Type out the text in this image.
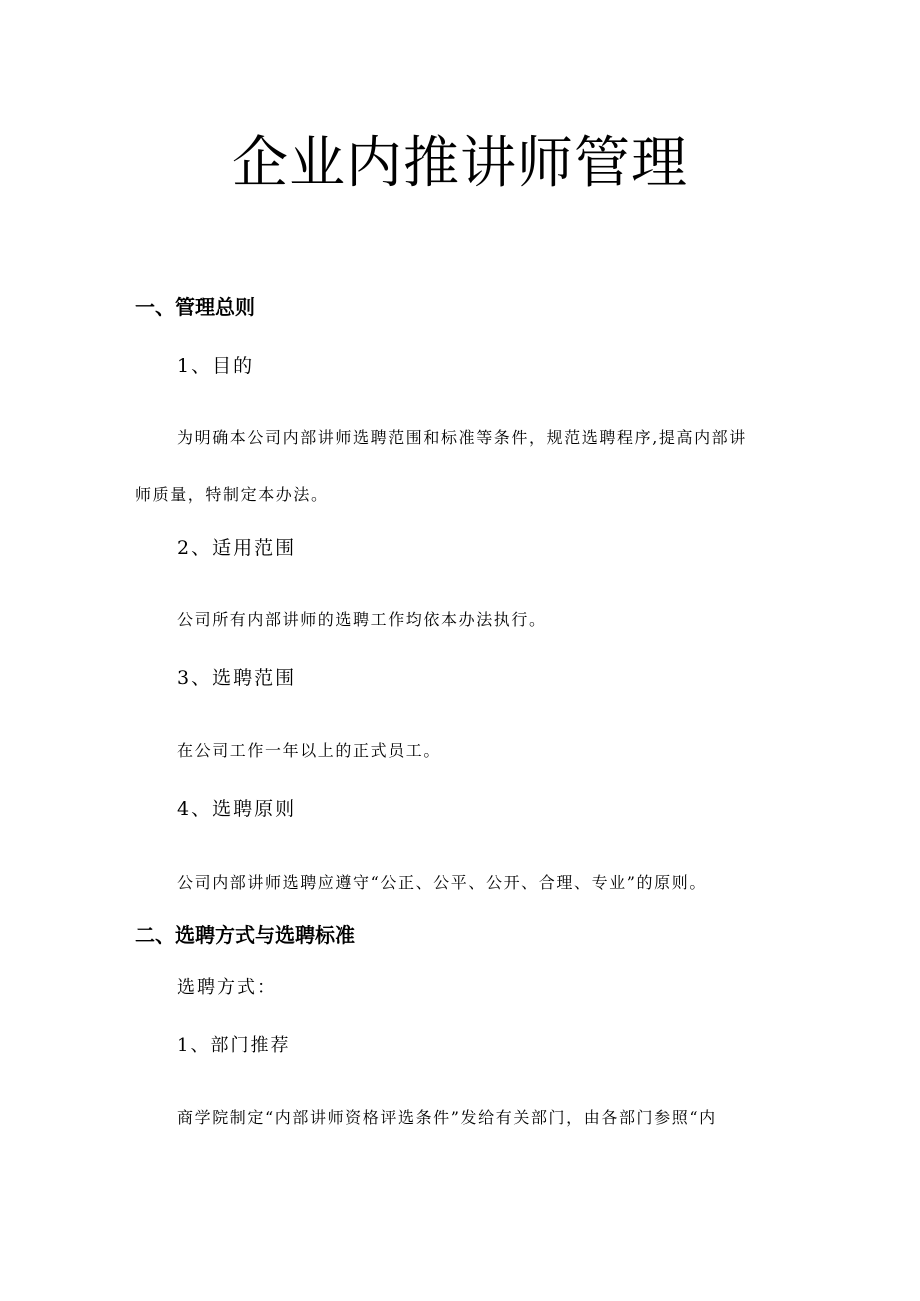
企业内推讲师管理
一、管理总则
1、目的
为明确本公司内部讲师选聘范围和标准等条件，规范选聘程序,提高内部讲
师质量，特制定本办法。
2、适用范围
公司所有内部讲师的选聘工作均依本办法执行。
3、选聘范围
在公司工作一年以上的正式员工。
4、选聘原则
公司内部讲师选聘应遵守“公正、公平、公开、合理、专业”的原则。
二、选聘方式与选聘标准
选聘方式：
1、部门推荐
商学院制定“内部讲师资格评选条件”发给有关部门，由各部门参照“内
